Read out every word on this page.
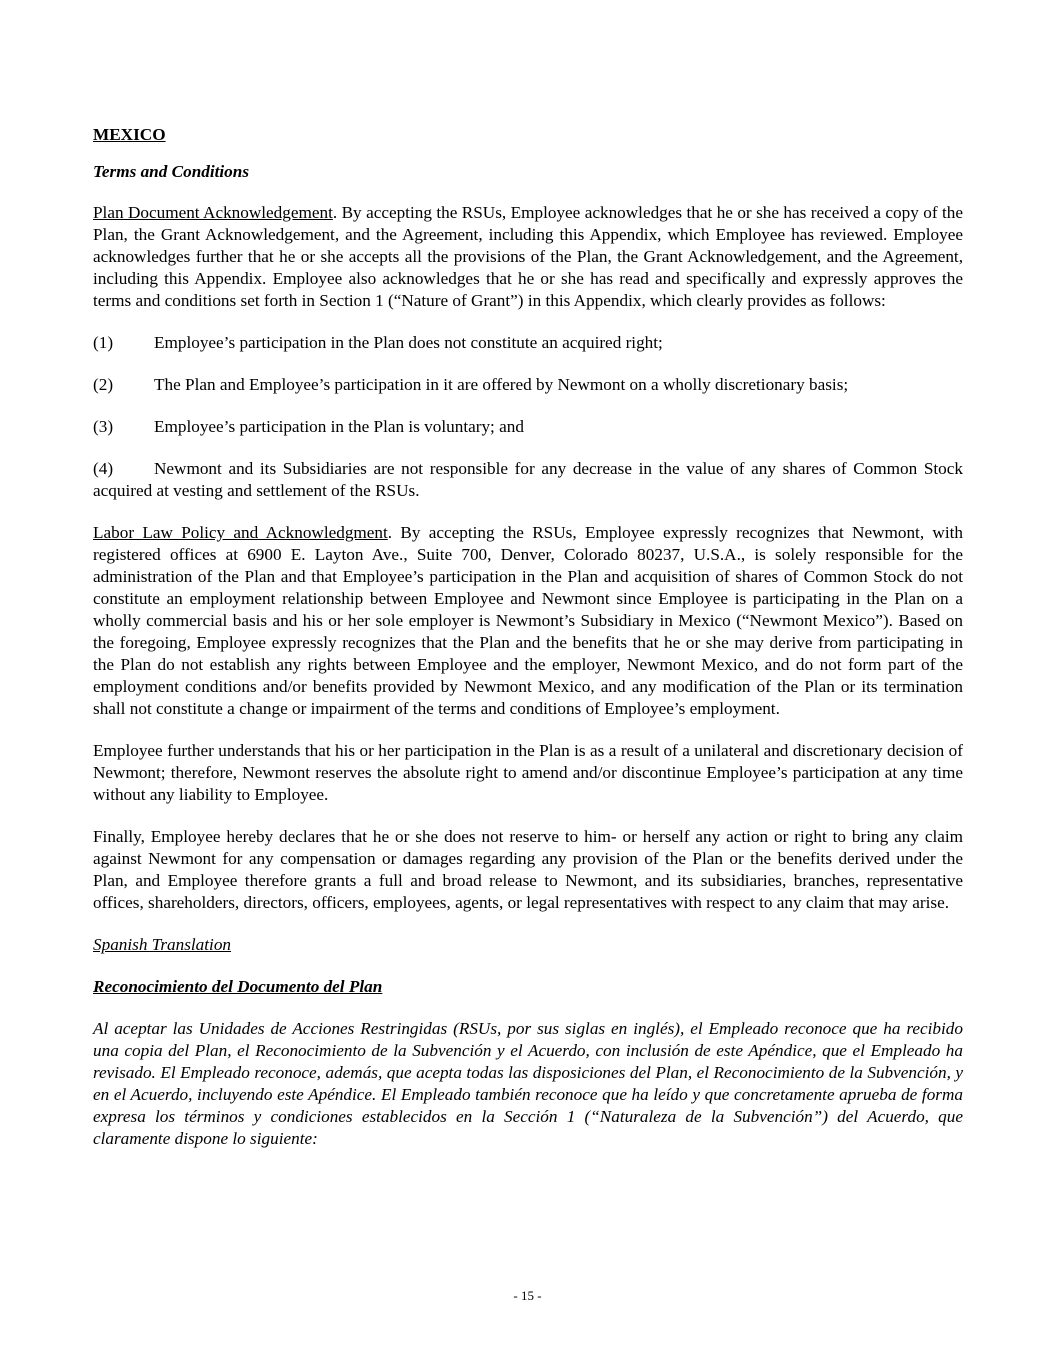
MEXICO
Terms and Conditions

Plan Document Acknowledgement. By accepting the RSUs, Employee acknowledges that he or she has received a copy of the Plan, the Grant Acknowledgement, and the Agreement, including this Appendix, which Employee has reviewed. Employee acknowledges further that he or she accepts all the provisions of the Plan, the Grant Acknowledgement, and the Agreement, including this Appendix. Employee also acknowledges that he or she has read and specifically and expressly approves the terms and conditions set forth in Section 1 (“Nature of Grant”) in this Appendix, which clearly provides as follows:

(1) Employee’s participation in the Plan does not constitute an acquired right;
(2) The Plan and Employee’s participation in it are offered by Newmont on a wholly discretionary basis;
(3) Employee’s participation in the Plan is voluntary; and
(4) Newmont and its Subsidiaries are not responsible for any decrease in the value of any shares of Common Stock acquired at vesting and settlement of the RSUs.

Labor Law Policy and Acknowledgment. By accepting the RSUs, Employee expressly recognizes that Newmont, with registered offices at 6900 E. Layton Ave., Suite 700, Denver, Colorado 80237, U.S.A., is solely responsible for the administration of the Plan and that Employee’s participation in the Plan and acquisition of shares of Common Stock do not constitute an employment relationship between Employee and Newmont since Employee is participating in the Plan on a wholly commercial basis and his or her sole employer is Newmont’s Subsidiary in Mexico (“Newmont Mexico”). Based on the foregoing, Employee expressly recognizes that the Plan and the benefits that he or she may derive from participating in the Plan do not establish any rights between Employee and the employer, Newmont Mexico, and do not form part of the employment conditions and/or benefits provided by Newmont Mexico, and any modification of the Plan or its termination shall not constitute a change or impairment of the terms and conditions of Employee’s employment.

Employee further understands that his or her participation in the Plan is as a result of a unilateral and discretionary decision of Newmont; therefore, Newmont reserves the absolute right to amend and/or discontinue Employee’s participation at any time without any liability to Employee.

Finally, Employee hereby declares that he or she does not reserve to him- or herself any action or right to bring any claim against Newmont for any compensation or damages regarding any provision of the Plan or the benefits derived under the Plan, and Employee therefore grants a full and broad release to Newmont, and its subsidiaries, branches, representative offices, shareholders, directors, officers, employees, agents, or legal representatives with respect to any claim that may arise.

Spanish Translation
Reconocimiento del Documento del Plan

Al aceptar las Unidades de Acciones Restringidas (RSUs, por sus siglas en inglés), el Empleado reconoce que ha recibido una copia del Plan, el Reconocimiento de la Subvención y el Acuerdo, con inclusión de este Apéndice, que el Empleado ha revisado. El Empleado reconoce, además, que acepta todas las disposiciones del Plan, el Reconocimiento de la Subvención, y en el Acuerdo, incluyendo este Apéndice. El Empleado también reconoce que ha leído y que concretamente aprueba de forma expresa los términos y condiciones establecidos en la Sección 1 (“Naturaleza de la Subvención”) del Acuerdo, que claramente dispone lo siguiente:

- 15 -
